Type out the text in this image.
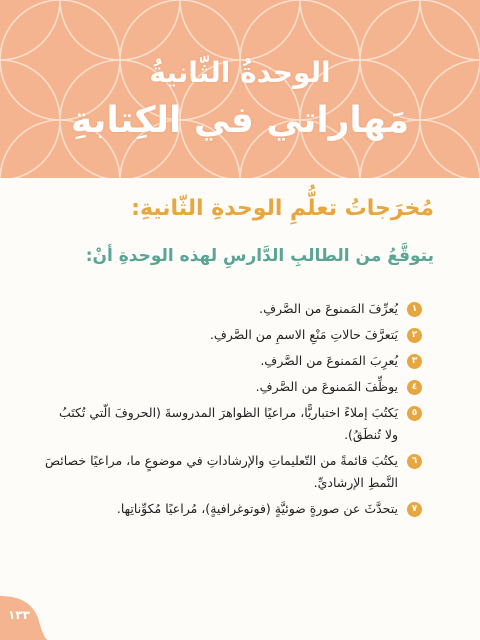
الوحدةُ الثّانيةُ
مَهاراتي في الكِتابةِ
مُخرَجاتُ تعلُّمِ الوحدةِ الثّانيةِ:
يتوقَّعُ من الطالبِ الدَّارسِ لهذه الوحدةِ أنْ:
١
يُعرِّفَ المَمنوعَ من الصَّرفِ.
٢
يَتعرَّفَ حالاتِ مَنْعِ الاسمِ من الصَّرفِ.
٣
يُعرِبَ المَمنوعَ من الصَّرفِ.
٤
يوظِّفَ المَمنوعَ من الصَّرفِ.
٥
يَكتُبَ إملاءً اختباريًّا، مراعيًا الظواهرَ المدروسةَ (الحروفَ الّتي تُكتَبُ ولا تُنطَقُ).
٦
يكتُبَ قائمةً من التّعليماتِ والإرشاداتِ في موضوعٍ ما، مراعيًا خصائصَ النَّمطِ الإرشاديِّ.
٧
يتحدَّثَ عن صورةٍ ضوئيَّةٍ (فوتوغرافيةٍ)، مُراعيًا مُكوِّناتِها.
١٣٣
